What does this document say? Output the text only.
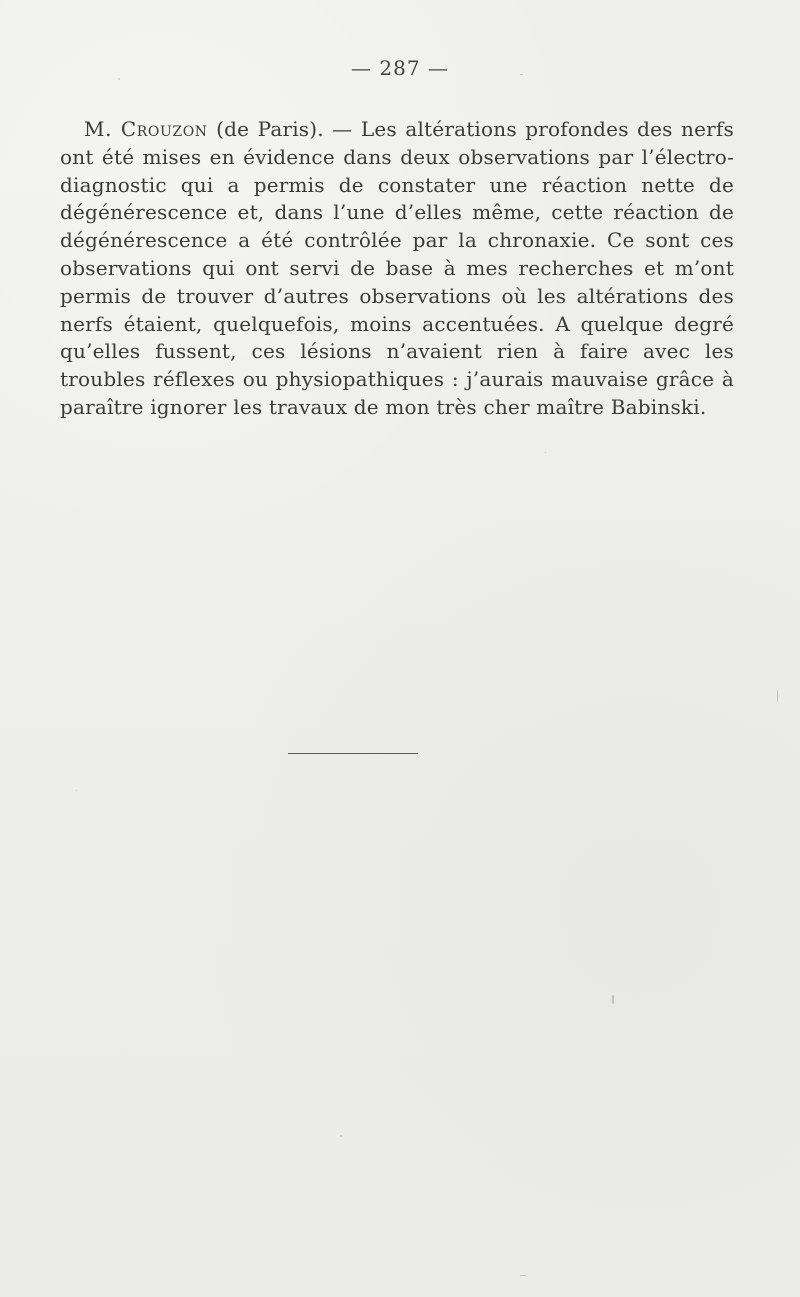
— 287 —

M. Crouzon (de Paris). — Les altérations profondes des nerfs ont été mises en évidence dans deux observations par l’électro-diagnostic qui a permis de constater une réaction nette de dégénérescence et, dans l’une d’elles même, cette réaction de dégénérescence a été contrôlée par la chronaxie. Ce sont ces observations qui ont servi de base à mes recherches et m’ont permis de trouver d’autres observations où les altérations des nerfs étaient, quelquefois, moins accentuées. A quelque degré qu’elles fussent, ces lésions n’avaient rien à faire avec les troubles réflexes ou physiopathiques : j’aurais mauvaise grâce à paraître ignorer les travaux de mon très cher maître Babinski.
